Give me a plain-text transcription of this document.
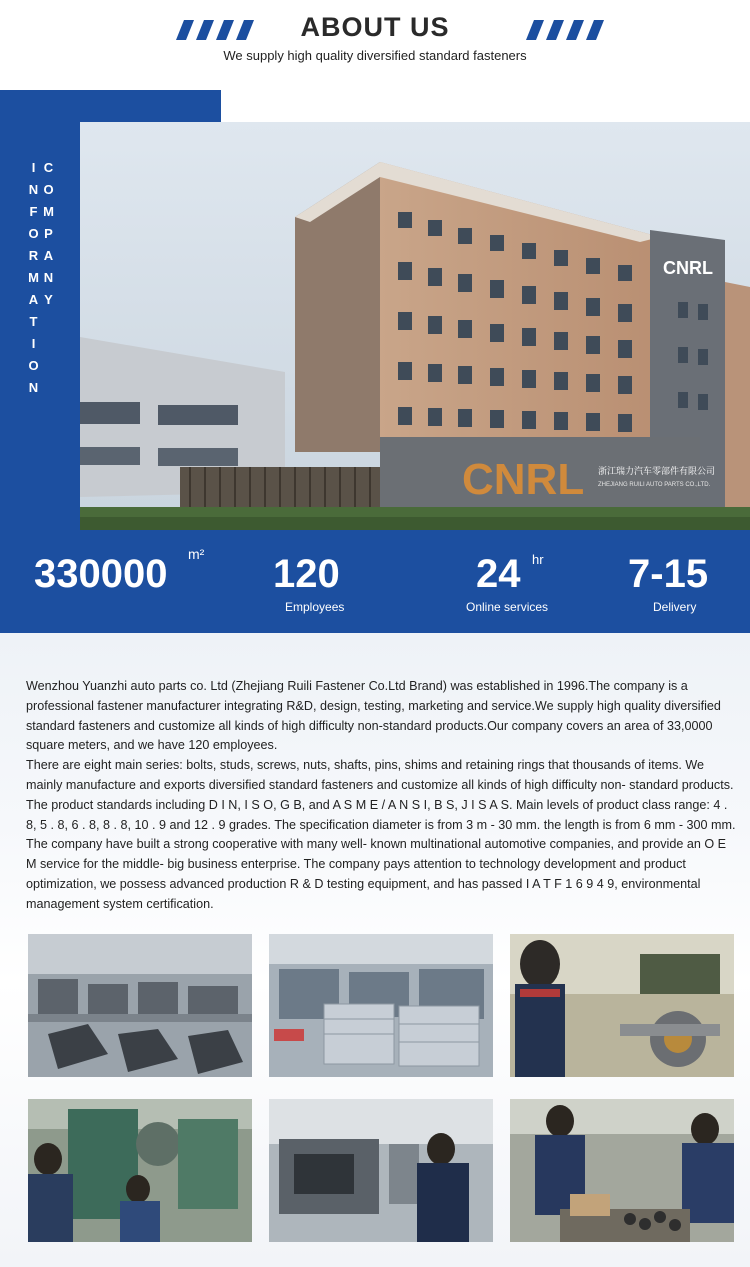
ABOUT US
We supply high quality diversified standard fasteners
COMPANY INFORMATION	CNRL
CNRL 浙江瑞力汽车零部件有限公司
ZHEJIANG RUILI AUTO PARTS CO.,LTD.
330000 m² 120
Employees
24 hr
Online services
7-15
Delivery

Wenzhou Yuanzhi auto parts co. Ltd (Zhejiang Ruili Fastener Co.Ltd Brand) was established in 1996.The company is a professional fastener manufacturer integrating R&D, design, testing, marketing and service.We supply high quality diversified standard fasteners and customize all kinds of high difficulty non-standard products.Our company covers an area of 33,0000 square meters, and we have 120 employees.

There are eight main series: bolts, studs, screws, nuts, shafts, pins, shims and retaining rings that thousands of items. We mainly manufacture and exports diversified standard fasteners and customize all kinds of high difficulty non- standard products. The product standards including D I N, I S O, G B, and A S M E / A N S I, B S, J I S A S. Main levels of product class range: 4 . 8, 5 . 8, 6 . 8, 8 . 8, 10 . 9 and 12 . 9 grades. The specification diameter is from 3 m - 30 mm. the length is from 6 mm - 300 mm. The company have built a strong cooperative with many well- known multinational automotive companies, and provide an O E M service for the middle- big business enterprise. The company pays attention to technology development and product optimization, we possess advanced production R & D testing equipment, and has passed I A T F 1 6 9 4 9, environmental management system certification.
